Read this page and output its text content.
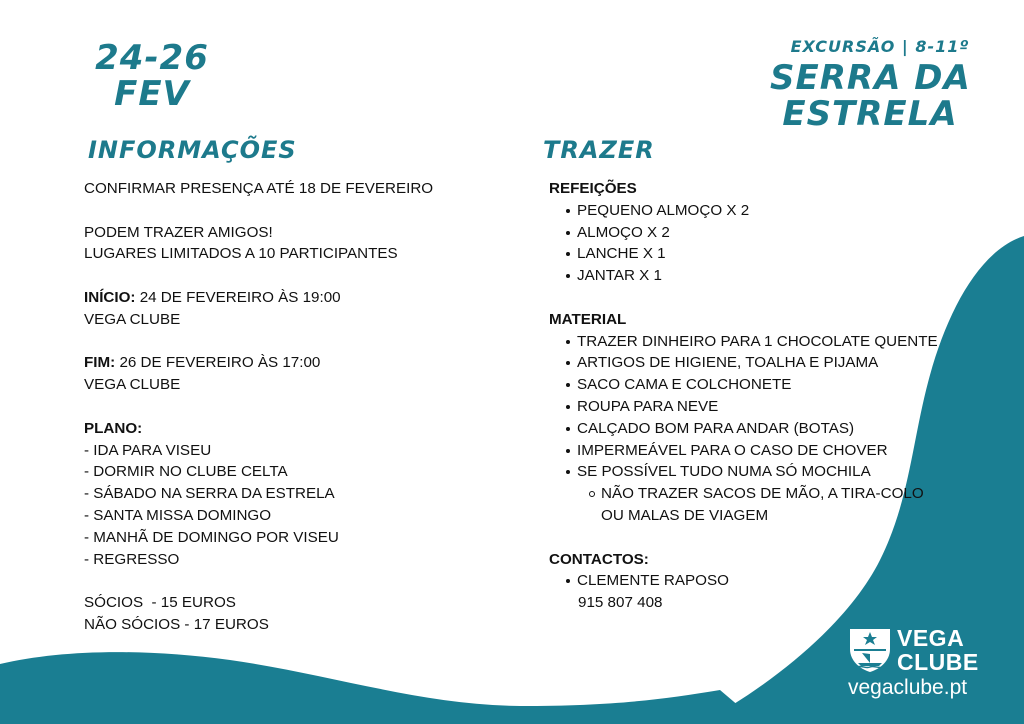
24-26
FEV
EXCURSÃO | 8-11º
SERRA DA
ESTRELA
INFORMAÇÕES	TRAZER
CONFIRMAR PRESENÇA ATÉ 18 DE FEVEREIRO
PODEM TRAZER AMIGOS!
LUGARES LIMITADOS A 10 PARTICIPANTES
INÍCIO: 24 DE FEVEREIRO ÀS 19:00
VEGA CLUBE
FIM: 26 DE FEVEREIRO ÀS 17:00
VEGA CLUBE
PLANO:
- IDA PARA VISEU
- DORMIR NO CLUBE CELTA
- SÁBADO NA SERRA DA ESTRELA
- SANTA MISSA DOMINGO
- MANHÃ DE DOMINGO POR VISEU
- REGRESSO
SÓCIOS  - 15 EUROS
NÃO SÓCIOS - 17 EUROS
REFEIÇÕES
PEQUENO ALMOÇO X 2
ALMOÇO X 2
LANCHE X 1
JANTAR X 1
MATERIAL
TRAZER DINHEIRO PARA 1 CHOCOLATE QUENTE
ARTIGOS DE HIGIENE, TOALHA E PIJAMA
SACO CAMA E COLCHONETE
ROUPA PARA NEVE
CALÇADO BOM PARA ANDAR (BOTAS)
IMPERMEÁVEL PARA O CASO DE CHOVER
SE POSSÍVEL TUDO NUMA SÓ MOCHILA
NÃO TRAZER SACOS DE MÃO, A TIRA-COLO
OU MALAS DE VIAGEM
CONTACTOS:
CLEMENTE RAPOSO
915 807 408
VEGA
CLUBE
vegaclube.pt
